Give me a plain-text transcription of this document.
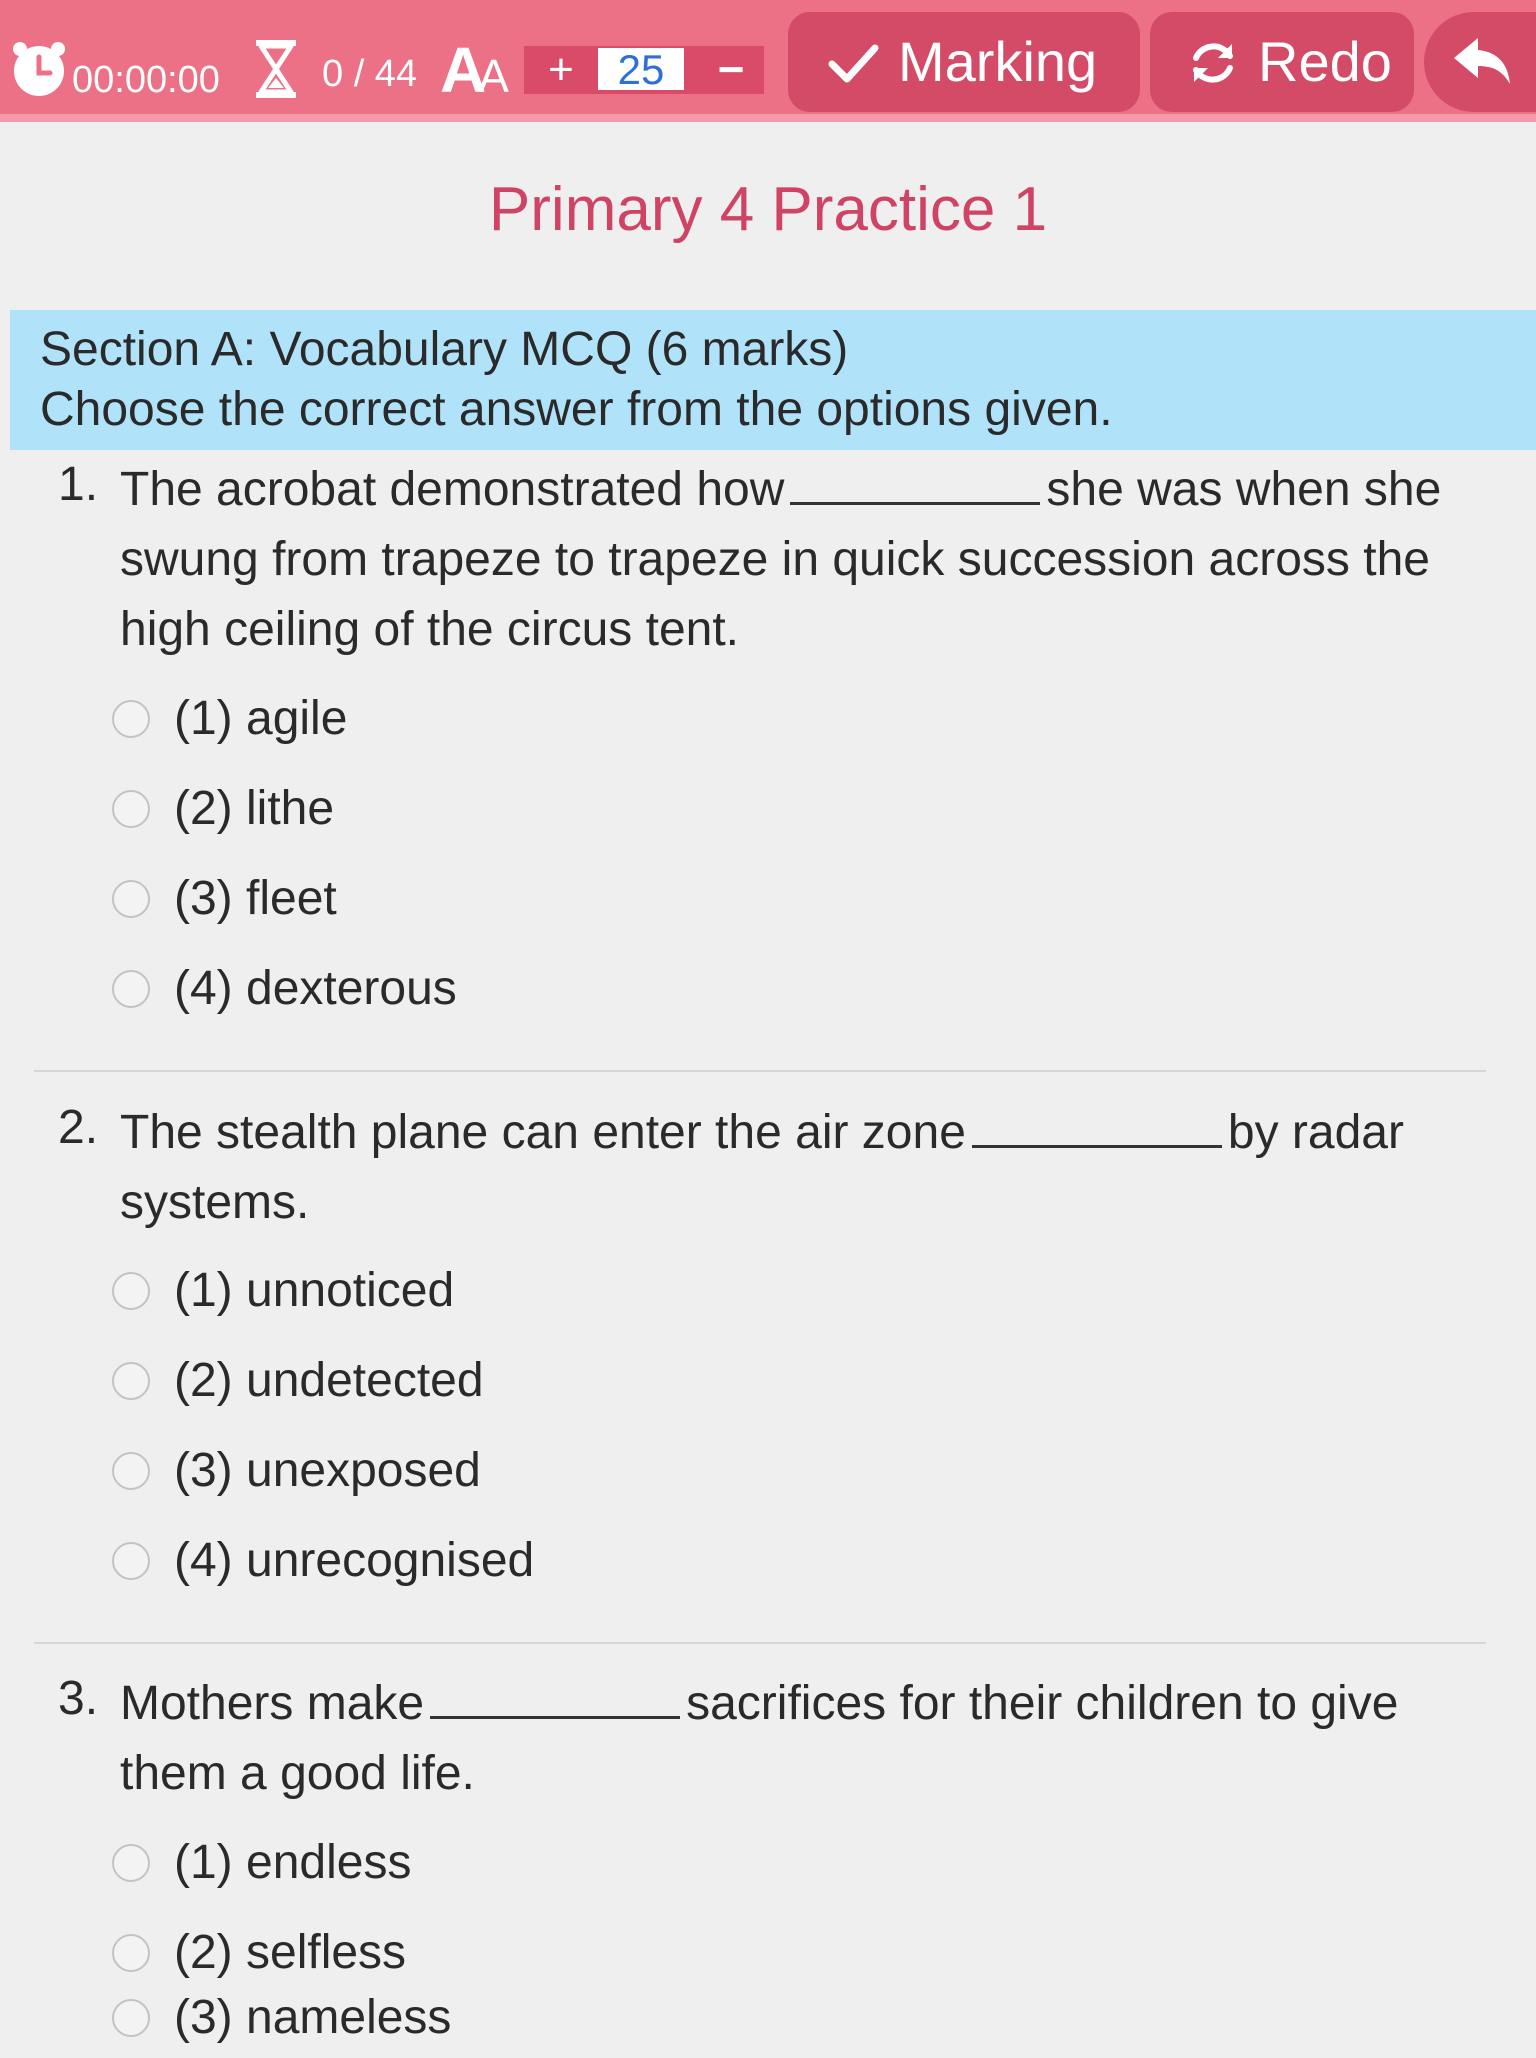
00:00:00	0 / 44 AA	+	25	−	Marking	Redo
Primary 4 Practice 1
Section A: Vocabulary MCQ (6 marks)
Choose the correct answer from the options given.
1. The acrobat demonstrated how	she was when she swung from trapeze to trapeze in quick succession across the high ceiling of the circus tent.
(1) agile
(2) lithe
(3) fleet
(4) dexterous
2. The stealth plane can enter the air zone	by radar systems.
(1) unnoticed
(2) undetected
(3) unexposed
(4) unrecognised
3. Mothers make	sacrifices for their children to give them a good life.
(1) endless
(2) selfless
(3) nameless
